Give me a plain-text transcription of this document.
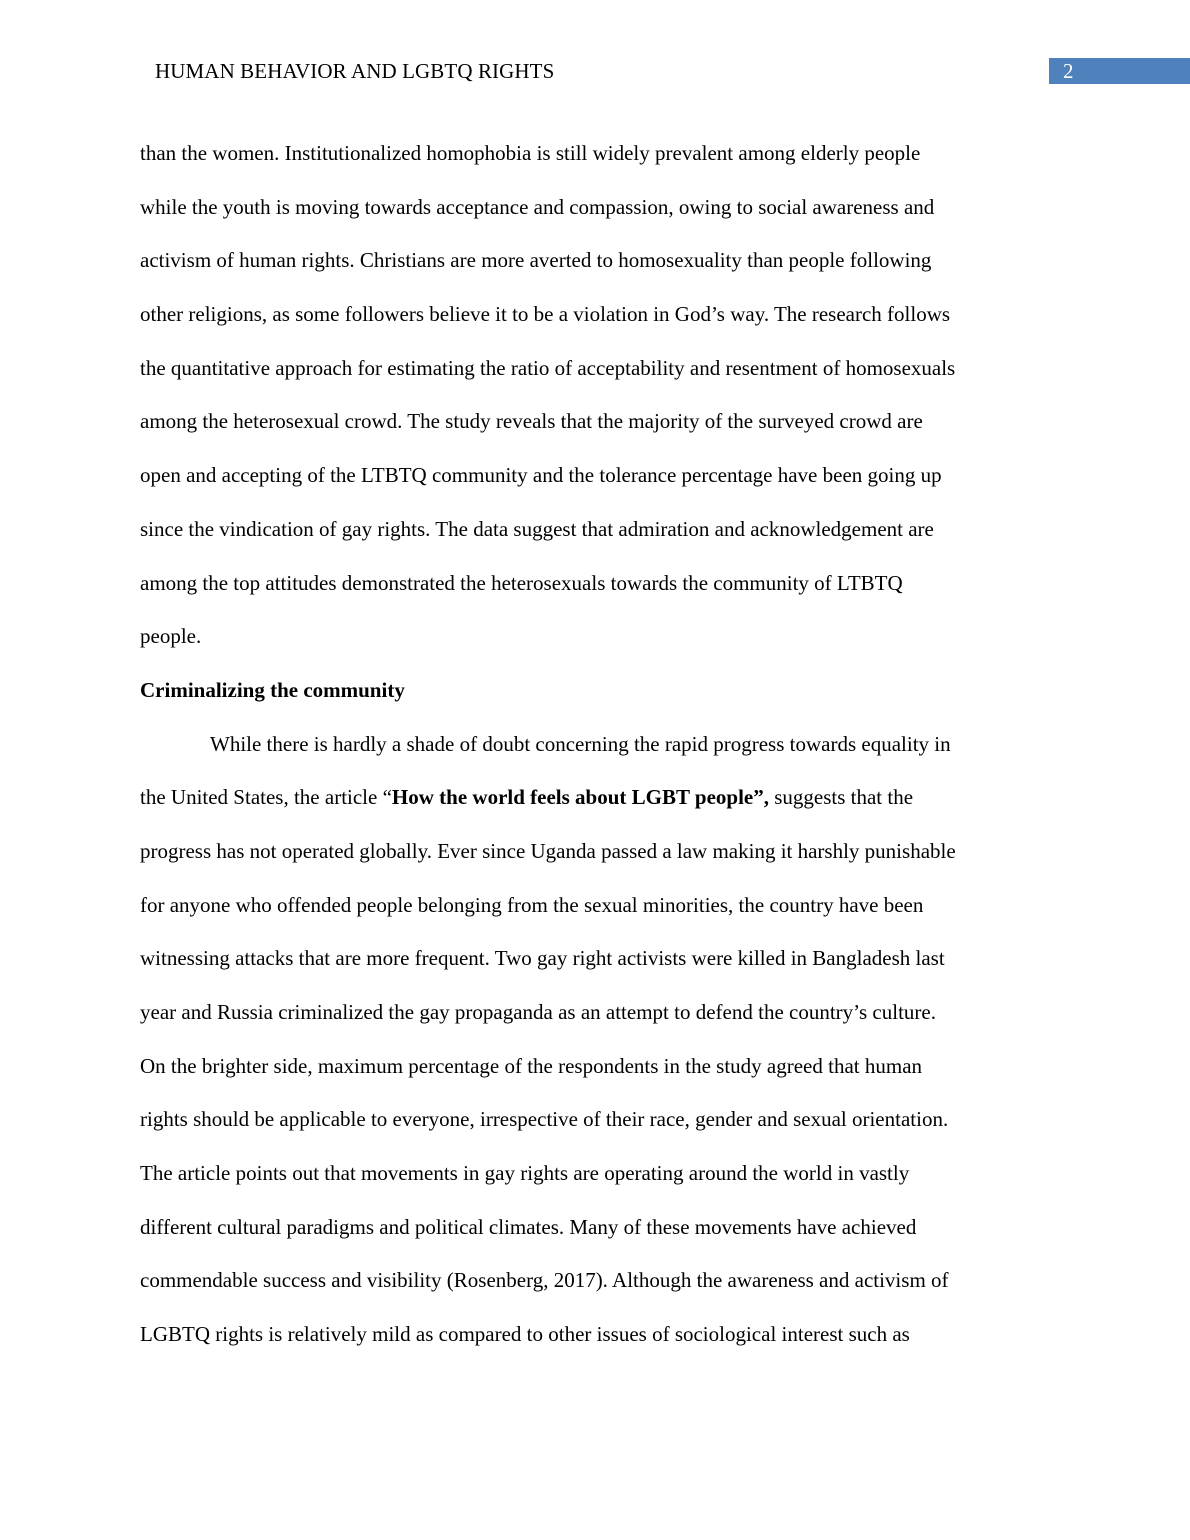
HUMAN BEHAVIOR AND LGBTQ RIGHTS	2
than the women. Institutionalized homophobia is still widely prevalent among elderly people
while the youth is moving towards acceptance and compassion, owing to social awareness and
activism of human rights. Christians are more averted to homosexuality than people following
other religions, as some followers believe it to be a violation in God’s way. The research follows
the quantitative approach for estimating the ratio of acceptability and resentment of homosexuals
among the heterosexual crowd. The study reveals that the majority of the surveyed crowd are
open and accepting of the LTBTQ community and the tolerance percentage have been going up
since the vindication of gay rights. The data suggest that admiration and acknowledgement are
among the top attitudes demonstrated the heterosexuals towards the community of LTBTQ
people.
Criminalizing the community
While there is hardly a shade of doubt concerning the rapid progress towards equality in
the United States, the article “How the world feels about LGBT people”, suggests that the
progress has not operated globally. Ever since Uganda passed a law making it harshly punishable
for anyone who offended people belonging from the sexual minorities, the country have been
witnessing attacks that are more frequent. Two gay right activists were killed in Bangladesh last
year and Russia criminalized the gay propaganda as an attempt to defend the country’s culture.
On the brighter side, maximum percentage of the respondents in the study agreed that human
rights should be applicable to everyone, irrespective of their race, gender and sexual orientation.
The article points out that movements in gay rights are operating around the world in vastly
different cultural paradigms and political climates. Many of these movements have achieved
commendable success and visibility (Rosenberg, 2017). Although the awareness and activism of
LGBTQ rights is relatively mild as compared to other issues of sociological interest such as
